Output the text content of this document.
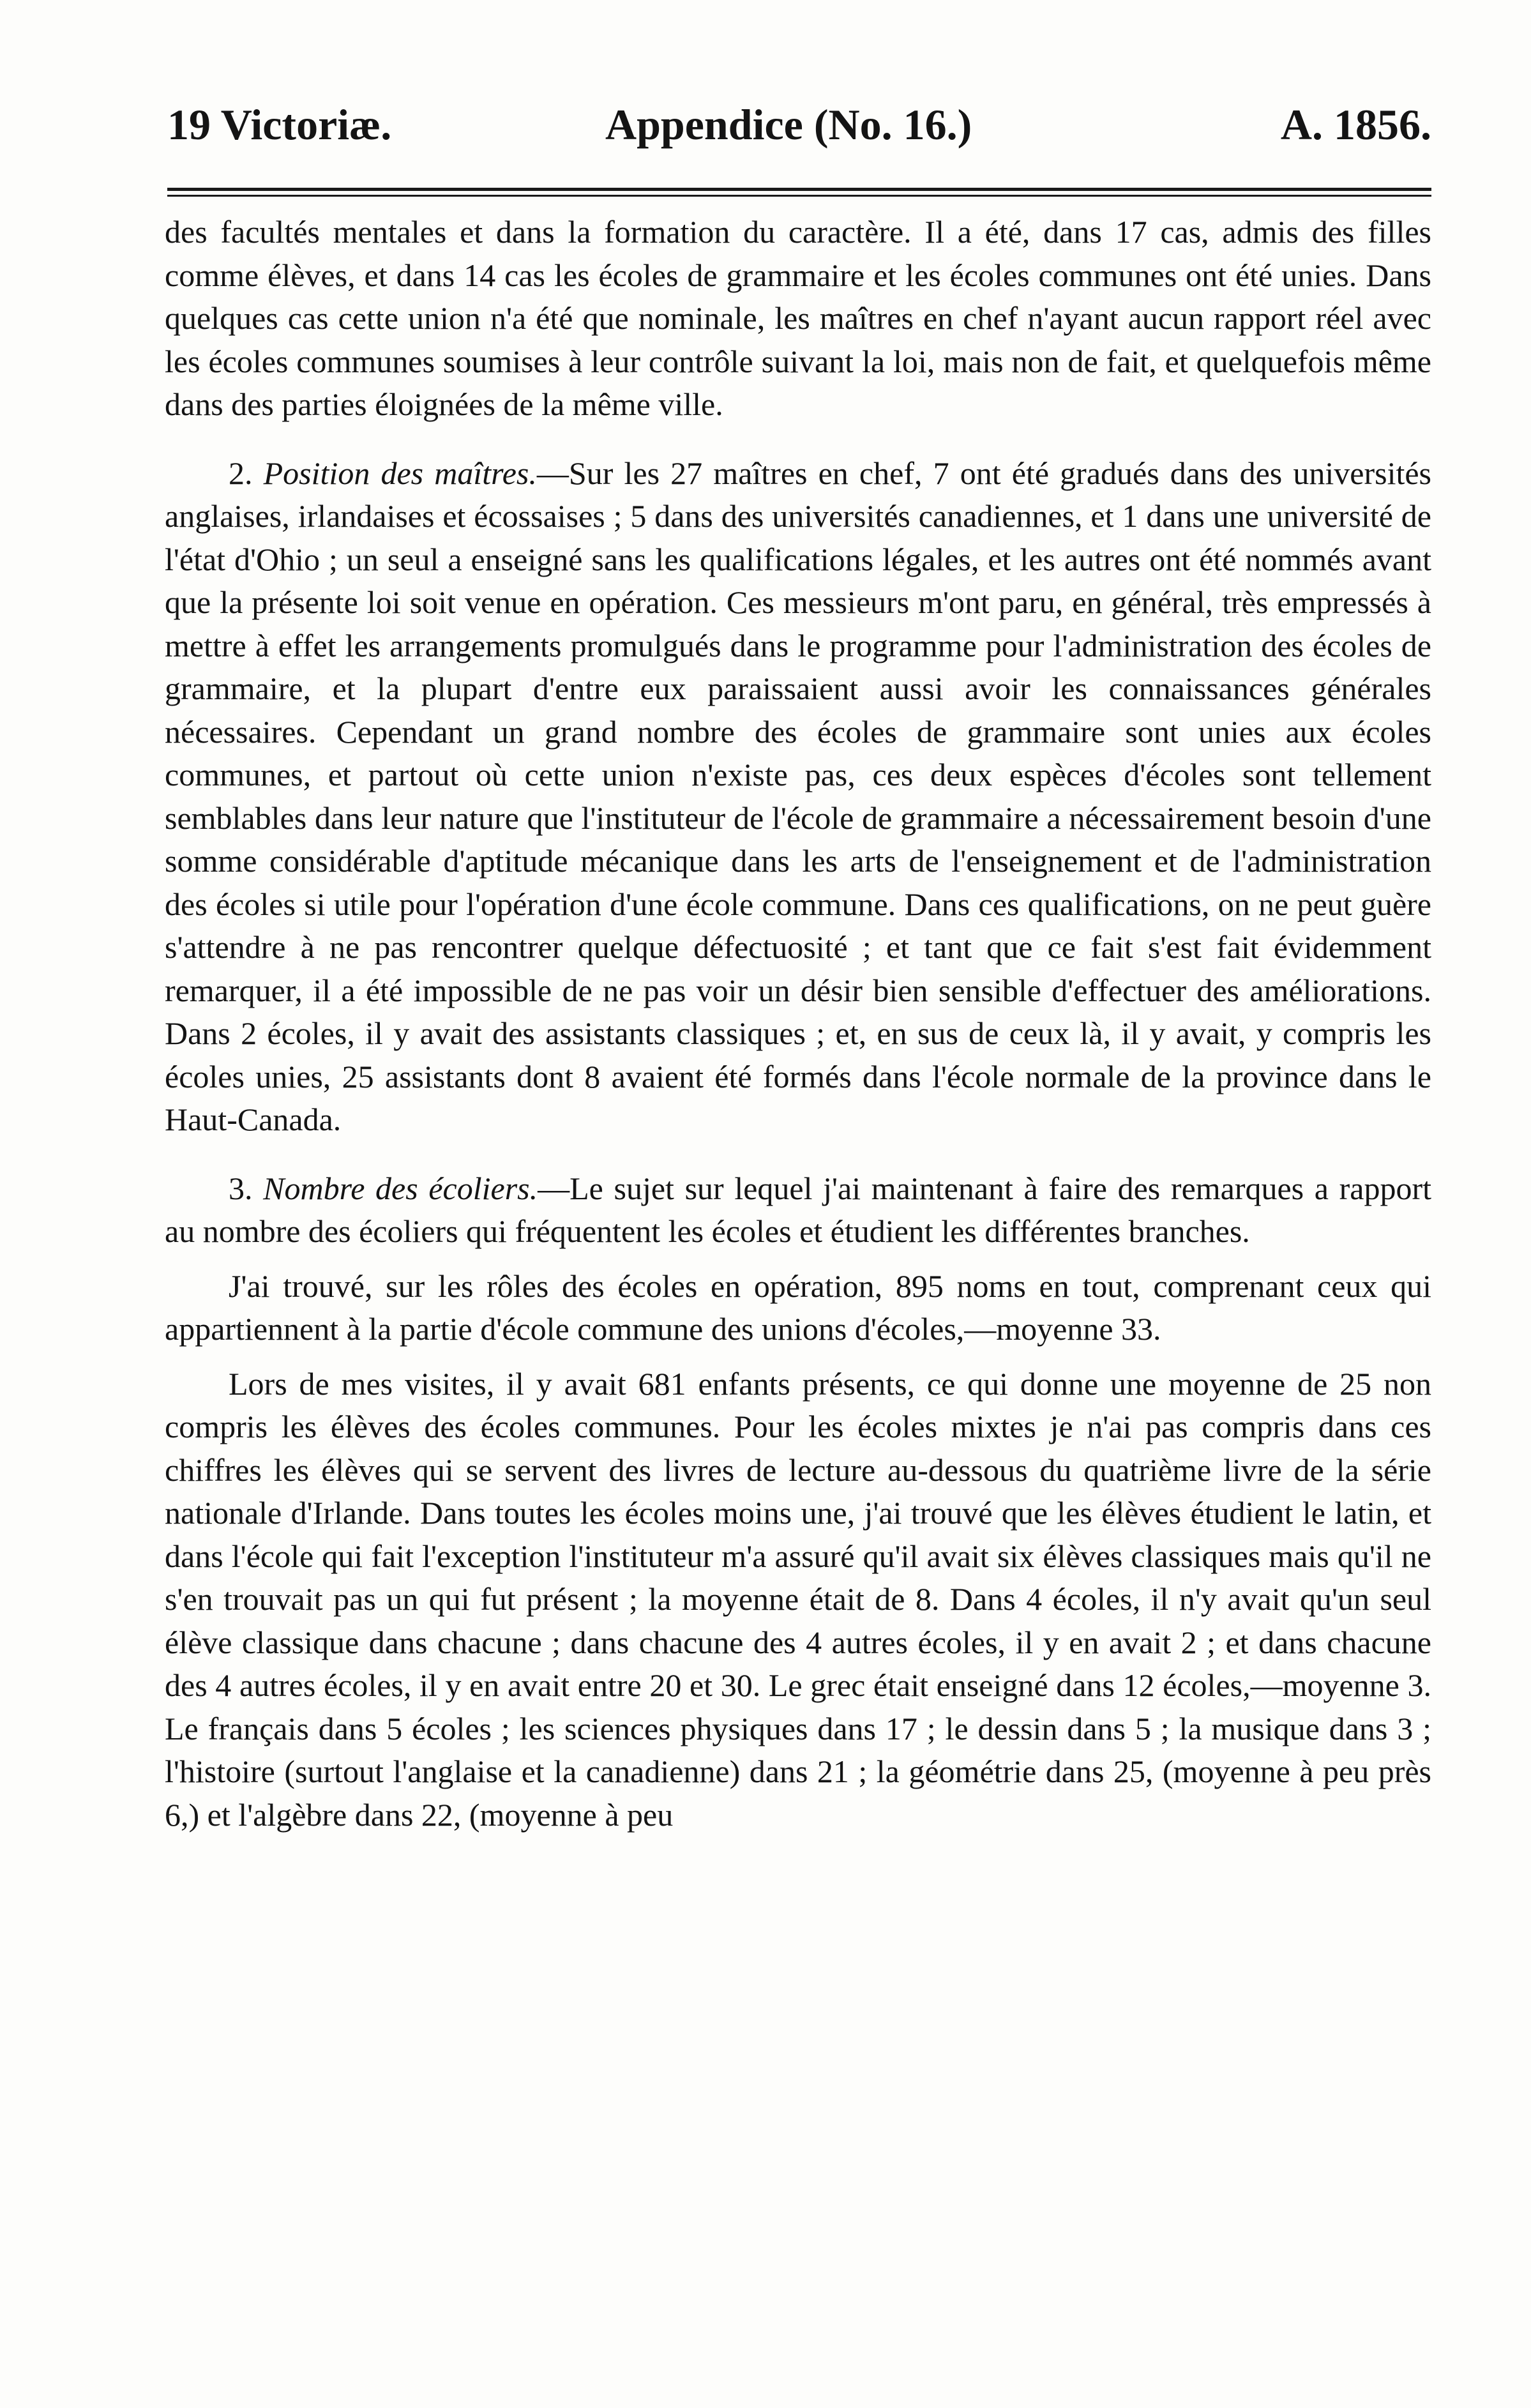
19 Victoriæ.	Appendice (No. 16.)	A. 1856.

des facultés mentales et dans la formation du caractère. Il a été, dans 17 cas, admis des filles comme élèves, et dans 14 cas les écoles de grammaire et les écoles communes ont été unies. Dans quelques cas cette union n'a été que nominale, les maîtres en chef n'ayant aucun rapport réel avec les écoles communes soumises à leur contrôle suivant la loi, mais non de fait, et quelquefois même dans des parties éloignées de la même ville.

2. Position des maîtres.—Sur les 27 maîtres en chef, 7 ont été gradués dans des universités anglaises, irlandaises et écossaises ; 5 dans des universités canadiennes, et 1 dans une université de l'état d'Ohio ; un seul a enseigné sans les qualifications légales, et les autres ont été nommés avant que la présente loi soit venue en opération. Ces messieurs m'ont paru, en général, très empressés à mettre à effet les arrangements promulgués dans le programme pour l'administration des écoles de grammaire, et la plupart d'entre eux paraissaient aussi avoir les connaissances générales nécessaires. Cependant un grand nombre des écoles de grammaire sont unies aux écoles communes, et partout où cette union n'existe pas, ces deux espèces d'écoles sont tellement semblables dans leur nature que l'instituteur de l'école de grammaire a nécessairement besoin d'une somme considérable d'aptitude mécanique dans les arts de l'enseignement et de l'administration des écoles si utile pour l'opération d'une école commune. Dans ces qualifications, on ne peut guère s'attendre à ne pas rencontrer quelque défectuosité ; et tant que ce fait s'est fait évidemment remarquer, il a été impossible de ne pas voir un désir bien sensible d'effectuer des améliorations. Dans 2 écoles, il y avait des assistants classiques ; et, en sus de ceux là, il y avait, y compris les écoles unies, 25 assistants dont 8 avaient été formés dans l'école normale de la province dans le Haut-Canada.

3. Nombre des écoliers.—Le sujet sur lequel j'ai maintenant à faire des remarques a rapport au nombre des écoliers qui fréquentent les écoles et étudient les différentes branches.

J'ai trouvé, sur les rôles des écoles en opération, 895 noms en tout, comprenant ceux qui appartiennent à la partie d'école commune des unions d'écoles,—moyenne 33.

Lors de mes visites, il y avait 681 enfants présents, ce qui donne une moyenne de 25 non compris les élèves des écoles communes. Pour les écoles mixtes je n'ai pas compris dans ces chiffres les élèves qui se servent des livres de lecture au-dessous du quatrième livre de la série nationale d'Irlande. Dans toutes les écoles moins une, j'ai trouvé que les élèves étudient le latin, et dans l'école qui fait l'exception l'instituteur m'a assuré qu'il avait six élèves classiques mais qu'il ne s'en trouvait pas un qui fut présent ; la moyenne était de 8. Dans 4 écoles, il n'y avait qu'un seul élève classique dans chacune ; dans chacune des 4 autres écoles, il y en avait 2 ; et dans chacune des 4 autres écoles, il y en avait entre 20 et 30. Le grec était enseigné dans 12 écoles,—moyenne 3. Le français dans 5 écoles ; les sciences physiques dans 17 ; le dessin dans 5 ; la musique dans 3 ; l'histoire (surtout l'anglaise et la canadienne) dans 21 ; la géométrie dans 25, (moyenne à peu près 6,) et l'algèbre dans 22, (moyenne à peu
